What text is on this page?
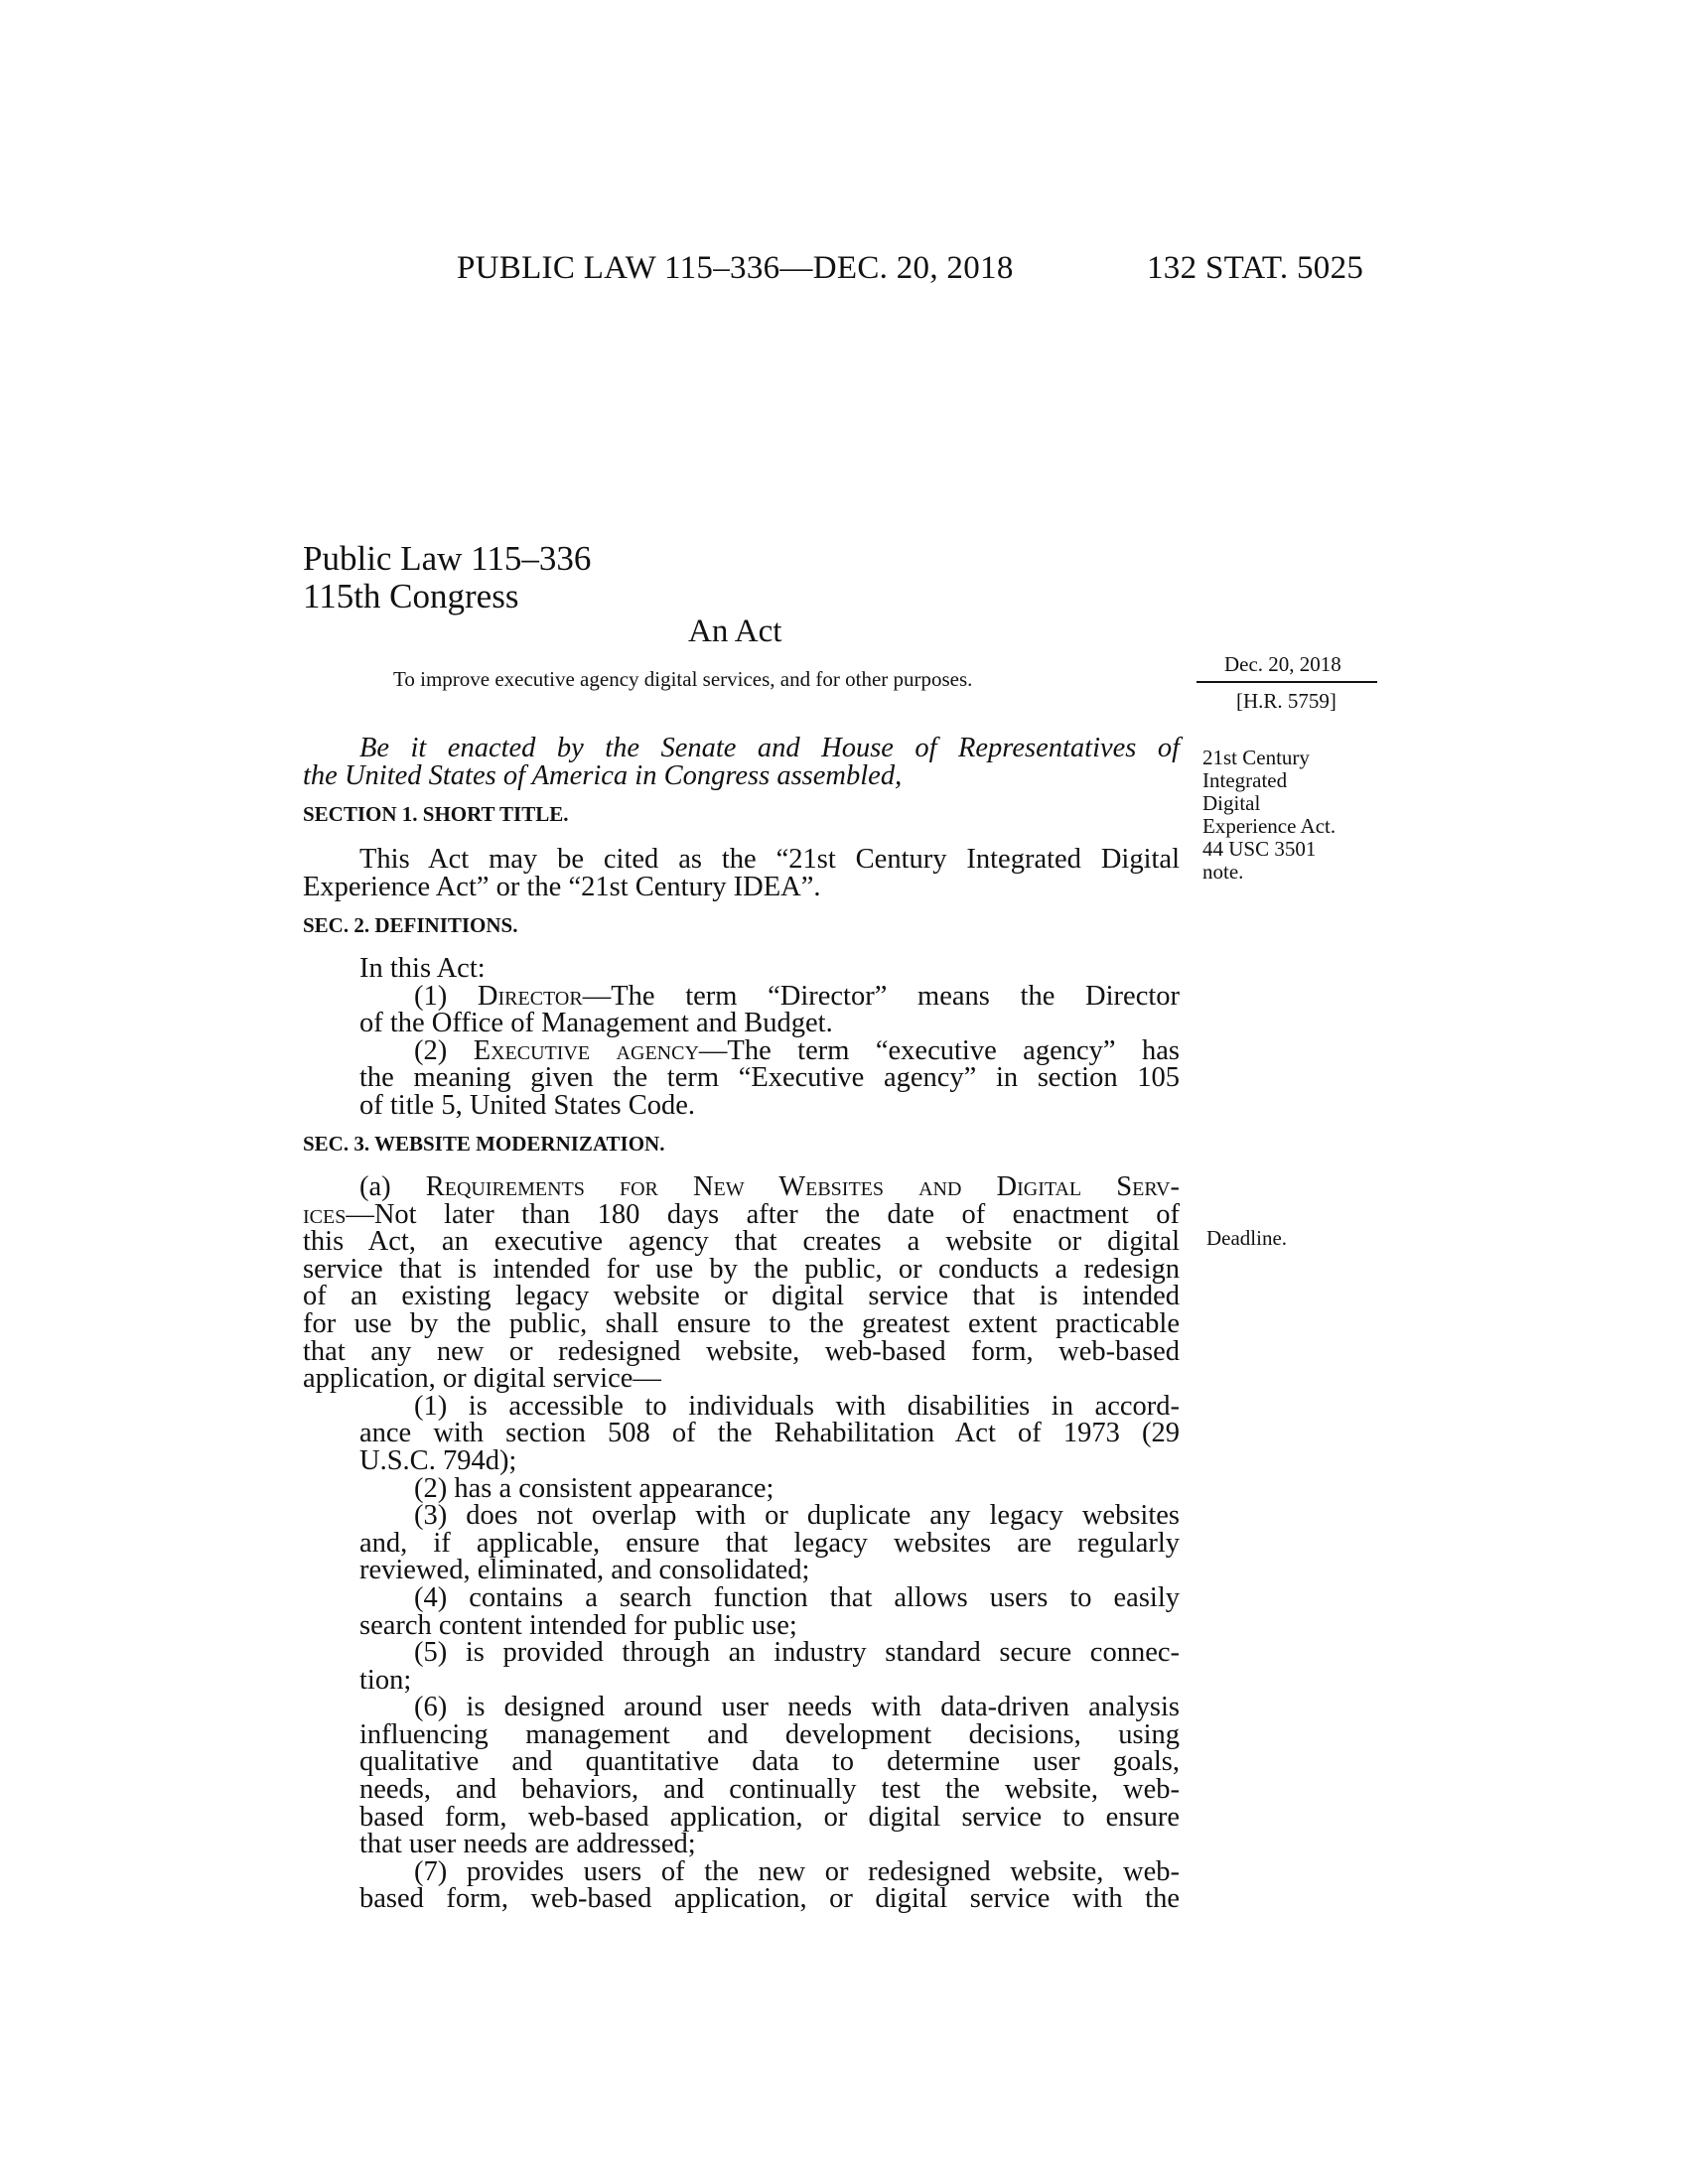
PUBLIC LAW 115–336—DEC. 20, 2018	132 STAT. 5025
Public Law 115–336
115th Congress
An Act
To improve executive agency digital services, and for other purposes.
Dec. 20, 2018
[H.R. 5759]
21st Century
Integrated
Digital
Experience Act.
44 USC 3501
note.
Deadline.
Be it enacted by the Senate and House of Representatives of
the United States of America in Congress assembled,
SECTION 1. SHORT TITLE.
This Act may be cited as the “21st Century Integrated Digital
Experience Act” or the “21st Century IDEA”.
SEC. 2. DEFINITIONS.
In this Act:
(1) Director—The term “Director” means the Director
of the Office of Management and Budget.
(2) Executive agency—The term “executive agency” has
the meaning given the term “Executive agency” in section 105
of title 5, United States Code.
SEC. 3. WEBSITE MODERNIZATION.
(a) Requirements for New Websites and Digital Serv-
ices—Not later than 180 days after the date of enactment of
this Act, an executive agency that creates a website or digital
service that is intended for use by the public, or conducts a redesign
of an existing legacy website or digital service that is intended
for use by the public, shall ensure to the greatest extent practicable
that any new or redesigned website, web-based form, web-based
application, or digital service—
(1) is accessible to individuals with disabilities in accord-
ance with section 508 of the Rehabilitation Act of 1973 (29
U.S.C. 794d);
(2) has a consistent appearance;
(3) does not overlap with or duplicate any legacy websites
and, if applicable, ensure that legacy websites are regularly
reviewed, eliminated, and consolidated;
(4) contains a search function that allows users to easily
search content intended for public use;
(5) is provided through an industry standard secure connec-
tion;
(6) is designed around user needs with data-driven analysis
influencing management and development decisions, using
qualitative and quantitative data to determine user goals,
needs, and behaviors, and continually test the website, web-
based form, web-based application, or digital service to ensure
that user needs are addressed;
(7) provides users of the new or redesigned website, web-
based form, web-based application, or digital service with the
